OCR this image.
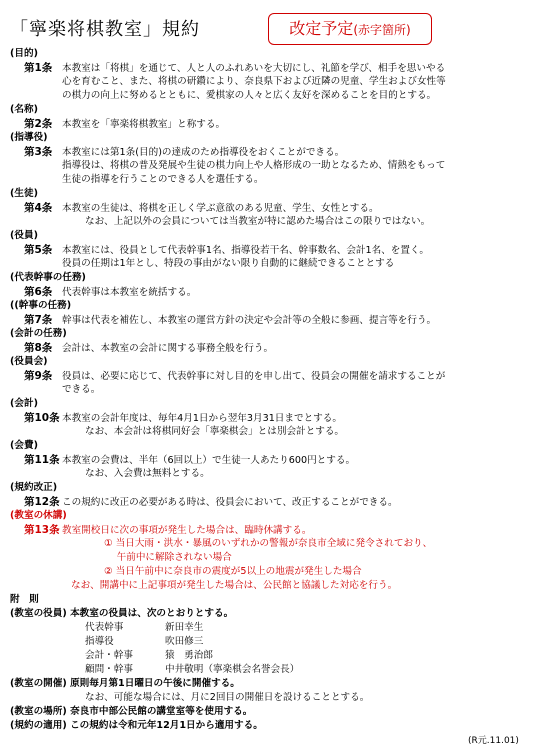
「寧楽将棋教室」規約	改定予定(赤字箇所)
(目的)
第1条 本教室は「将棋」を通じて、人と人のふれあいを大切にし、礼節を学び、相手を思いやる
心を育むこと、また、将棋の研鑽により、奈良県下および近隣の児童、学生および女性等
の棋力の向上に努めるとともに、愛棋家の人々と広く友好を深めることを目的とする。
(名称)
第2条 本教室を「寧楽将棋教室」と称する。
(指導役)
第3条 本教室には第1条(目的)の達成のため指導役をおくことができる。
指導役は、将棋の普及発展や生徒の棋力向上や人格形成の一助となるため、情熱をもって
生徒の指導を行うことのできる人を選任する。
(生徒)
第4条 本教室の生徒は、将棋を正しく学ぶ意欲のある児童、学生、女性とする。
なお、上記以外の会員については当教室が特に認めた場合はこの限りではない。
(役員)
第5条 本教室には、役員として代表幹事1名、指導役若干名、幹事数名、会計1名、を置く。
役員の任期は1年とし、特段の事由がない限り自動的に継続できることとする
(代表幹事の任務)
第6条 代表幹事は本教室を統括する。
((幹事の任務)
第7条 幹事は代表を補佐し、本教室の運営方針の決定や会計等の全般に参画、提言等を行う。
(会計の任務)
第8条 会計は、本教室の会計に関する事務全般を行う。
(役員会)
第9条 役員は、必要に応じて、代表幹事に対し目的を申し出て、役員会の開催を請求することが
できる。
(会計)
第10条 本教室の会計年度は、毎年4月1日から翌年3月31日までとする。
なお、本会計は将棋同好会「寧楽棋会」とは別会計とする。
(会費)
第11条 本教室の会費は、半年（6回以上）で生徒一人あたり600円とする。
なお、入会費は無料とする。
(規約改正)
第12条 この規約に改正の必要がある時は、役員会において、改正することができる。
(教室の休講)
第13条 教室開校日に次の事項が発生した場合は、臨時休講する。
① 当日大雨・洪水・暴風のいずれかの警報が奈良市全域に発令されており、
　 午前中に解除されない場合
② 当日午前中に奈良市の震度が5以上の地震が発生した場合
なお、開講中に上記事項が発生した場合は、公民館と協議した対応を行う。
附　則
(教室の役員) 本教室の役員は、次のとおりとする。
代表幹事	新田幸生
指導役	吹田修三
会計・幹事	猿　勇治郎
顧問・幹事	中井敬明（寧楽棋会名誉会長）
(教室の開催) 原則毎月第1日曜日の午後に開催する。
なお、可能な場合には、月に2回目の開催日を設けることとする。
(教室の場所) 奈良市中部公民館の講堂室等を使用する。
(規約の適用) この規約は令和元年12月1日から適用する。
(R元.11.01)
